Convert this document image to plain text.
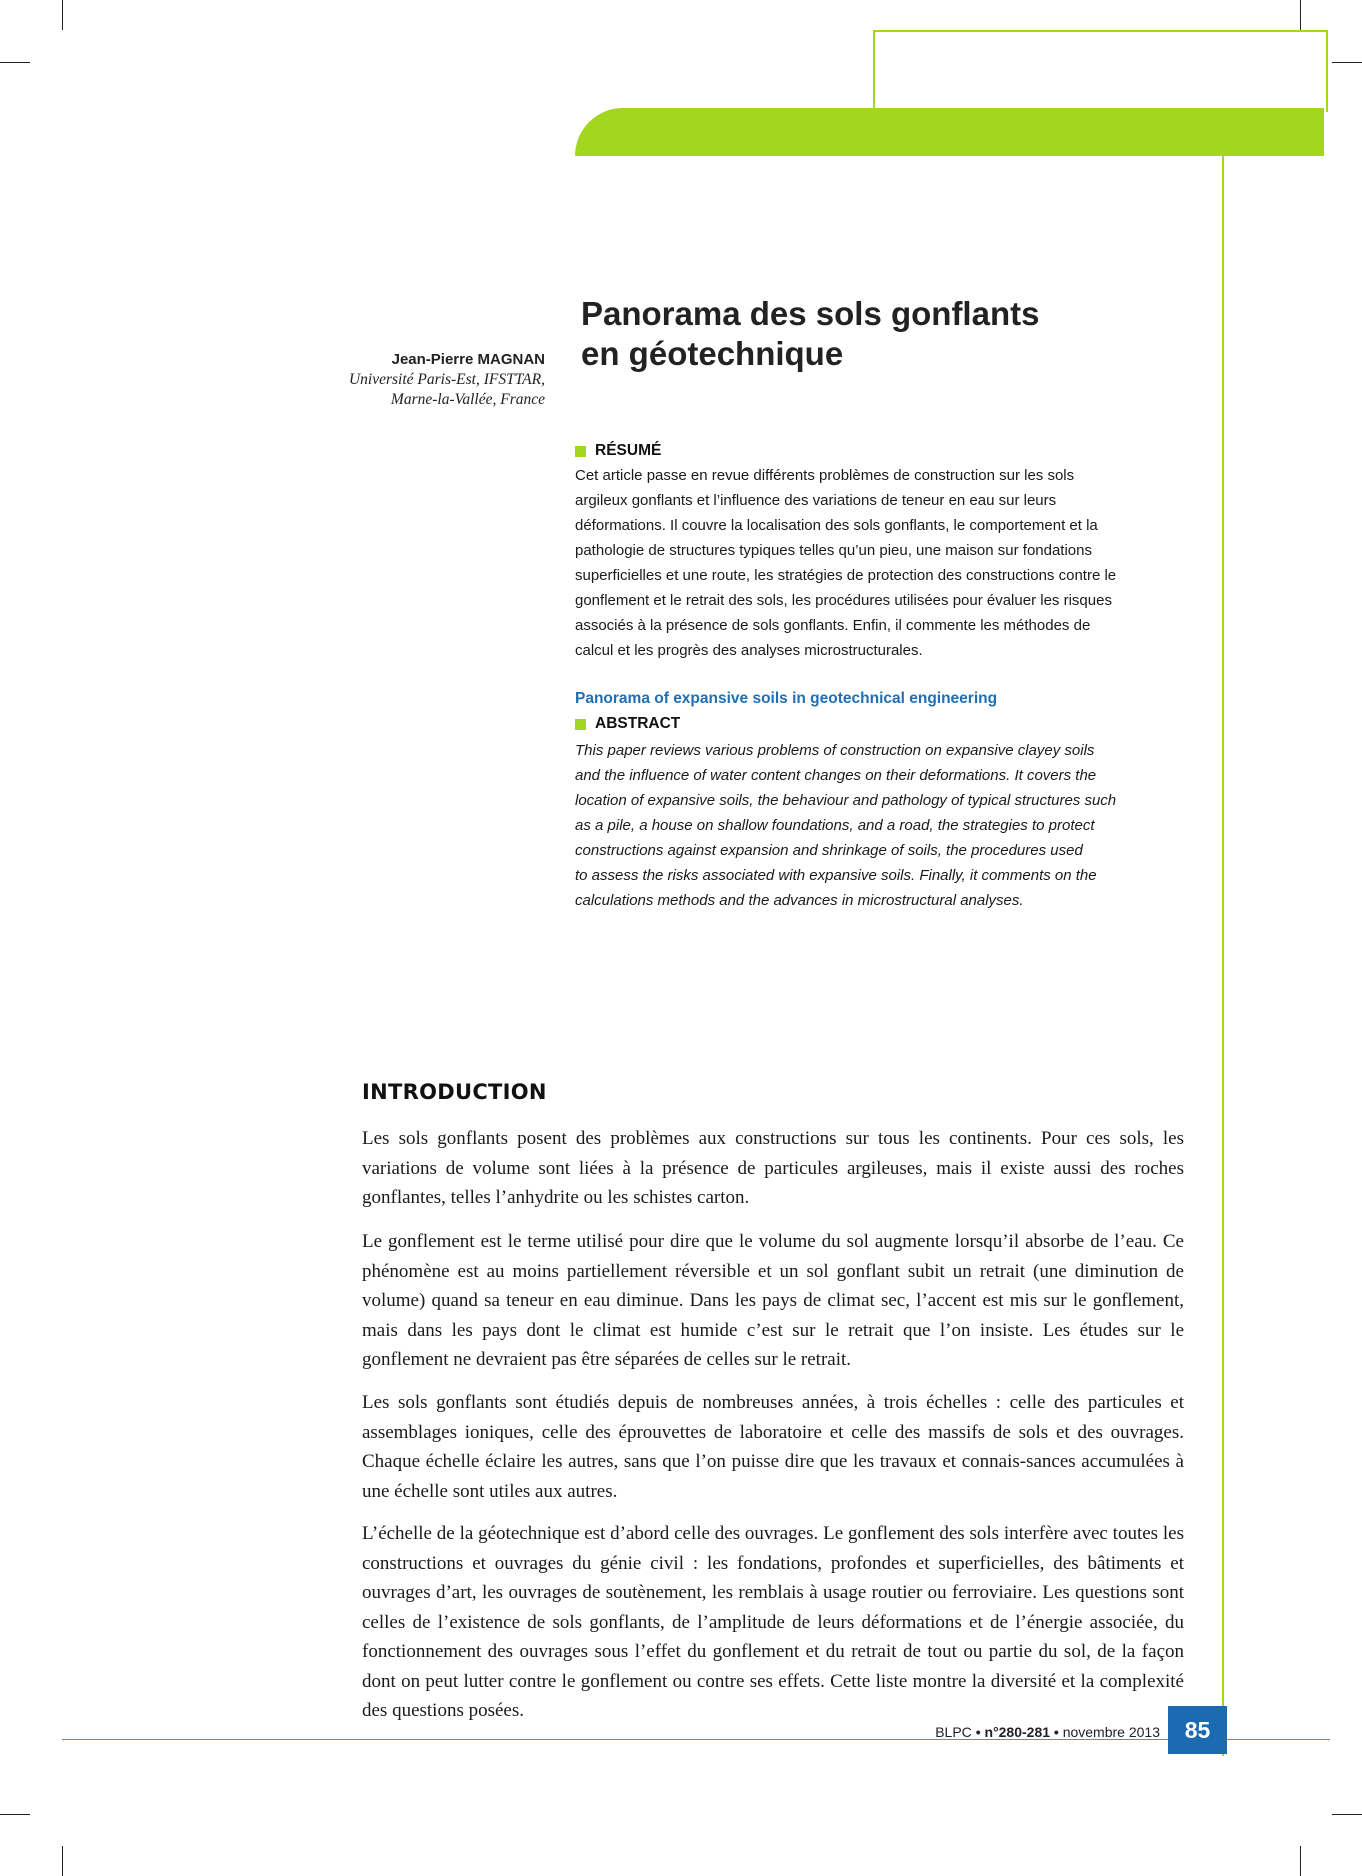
Panorama des sols gonflants
en géotechnique
Jean-Pierre MAGNAN
Université Paris-Est, IFSTTAR,
Marne-la-Vallée, France
RÉSUMÉ
Cet article passe en revue différents problèmes de construction sur les sols
argileux gonflants et l’influence des variations de teneur en eau sur leurs
déformations. Il couvre la localisation des sols gonflants, le comportement et la
pathologie de structures typiques telles qu’un pieu, une maison sur fondations
superficielles et une route, les stratégies de protection des constructions contre le
gonflement et le retrait des sols, les procédures utilisées pour évaluer les risques
associés à la présence de sols gonflants. Enfin, il commente les méthodes de
calcul et les progrès des analyses microstructurales.
Panorama of expansive soils in geotechnical engineering
ABSTRACT
This paper reviews various problems of construction on expansive clayey soils
and the influence of water content changes on their deformations. It covers the
location of expansive soils, the behaviour and pathology of typical structures such
as a pile, a house on shallow foundations, and a road, the strategies to protect
constructions against expansion and shrinkage of soils, the procedures used
to assess the risks associated with expansive soils. Finally, it comments on the
calculations methods and the advances in microstructural analyses.
INTRODUCTION
Les sols gonflants posent des problèmes aux constructions sur tous les continents. Pour ces sols, les variations de volume sont liées à la présence de particules argileuses, mais il existe aussi des roches gonflantes, telles l’anhydrite ou les schistes carton.
Le gonflement est le terme utilisé pour dire que le volume du sol augmente lorsqu’il absorbe de l’eau. Ce phénomène est au moins partiellement réversible et un sol gonflant subit un retrait (une diminution de volume) quand sa teneur en eau diminue. Dans les pays de climat sec, l’accent est mis sur le gonflement, mais dans les pays dont le climat est humide c’est sur le retrait que l’on insiste. Les études sur le gonflement ne devraient pas être séparées de celles sur le retrait.
Les sols gonflants sont étudiés depuis de nombreuses années, à trois échelles : celle des particules et assemblages ioniques, celle des éprouvettes de laboratoire et celle des massifs de sols et des ouvrages. Chaque échelle éclaire les autres, sans que l’on puisse dire que les travaux et connais-sances accumulées à une échelle sont utiles aux autres.
L’échelle de la géotechnique est d’abord celle des ouvrages. Le gonflement des sols interfère avec toutes les constructions et ouvrages du génie civil : les fondations, profondes et superficielles, des bâtiments et ouvrages d’art, les ouvrages de soutènement, les remblais à usage routier ou ferroviaire. Les questions sont celles de l’existence de sols gonflants, de l’amplitude de leurs déformations et de l’énergie associée, du fonctionnement des ouvrages sous l’effet du gonflement et du retrait de tout ou partie du sol, de la façon dont on peut lutter contre le gonflement ou contre ses effets. Cette liste montre la diversité et la complexité des questions posées.
BLPC • n°280-281 • novembre 2013	85
